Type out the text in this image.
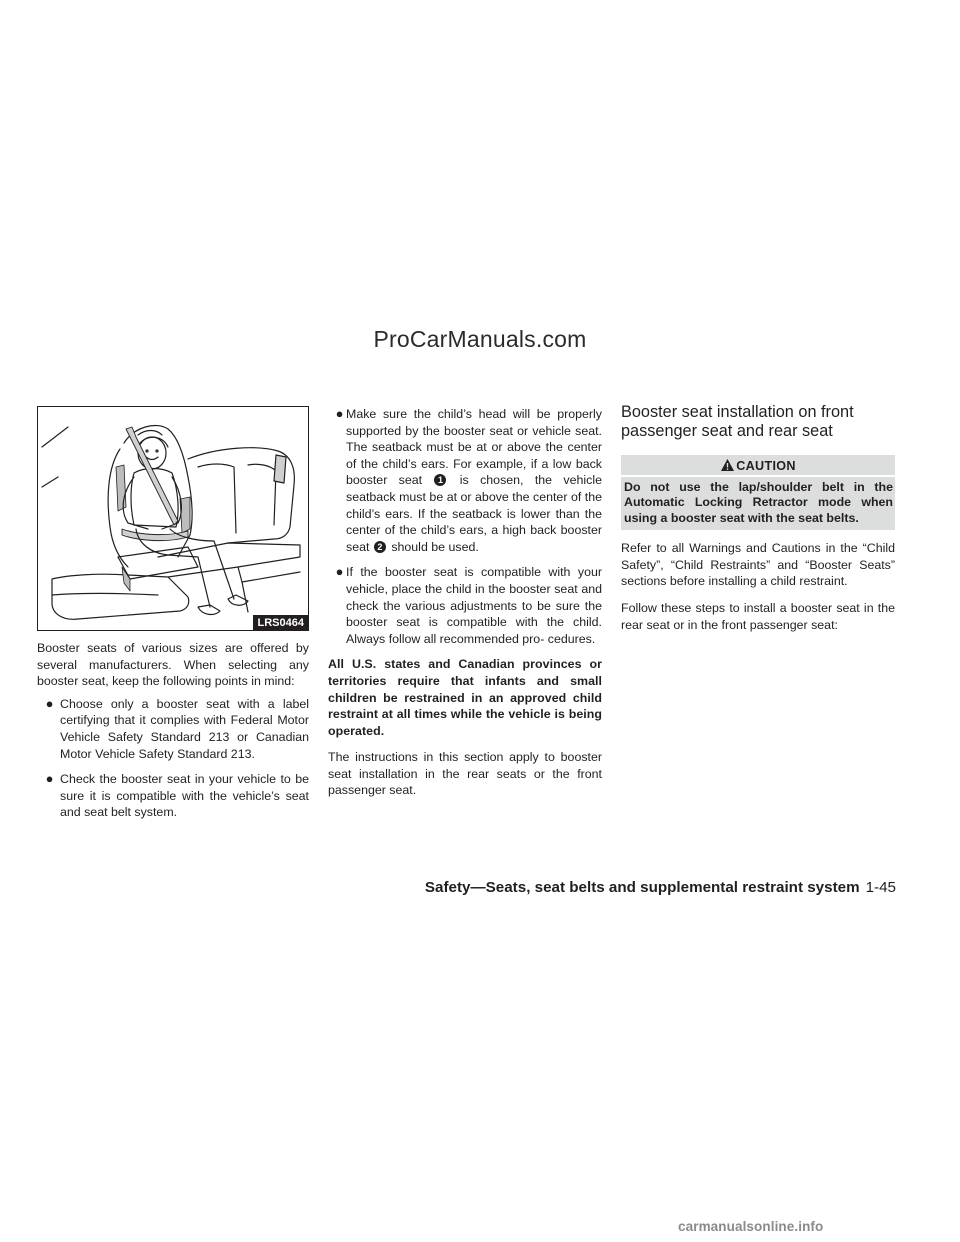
ProCarManuals.com
LRS0464

Booster seats of various sizes are offered by several manufacturers. When selecting any booster seat, keep the following points in mind:

● Choose only a booster seat with a label certifying that it complies with Federal Motor Vehicle Safety Standard 213 or Canadian Motor Vehicle Safety Standard 213.
● Check the booster seat in your vehicle to be sure it is compatible with the vehicle’s seat and seat belt system.
● Make sure the child’s head will be properly supported by the booster seat or vehicle seat. The seatback must be at or above the center of the child’s ears. For example, if a low back booster seat 1 is chosen, the vehicle seatback must be at or above the center of the child’s ears. If the seatback is lower than the center of the child’s ears, a high back booster seat 2 should be used.
● If the booster seat is compatible with your vehicle, place the child in the booster seat and check the various adjustments to be sure the booster seat is compatible with the child. Always follow all recommended pro- cedures.

All U.S. states and Canadian provinces or territories require that infants and small children be restrained in an approved child restraint at all times while the vehicle is being operated.

The instructions in this section apply to booster seat installation in the rear seats or the front passenger seat.

Booster seat installation on front passenger seat and rear seat
CAUTION
Do not use the lap/shoulder belt in the Automatic Locking Retractor mode when using a booster seat with the seat belts.

Refer to all Warnings and Cautions in the “Child Safety”, “Child Restraints” and “Booster Seats” sections before installing a child restraint.

Follow these steps to install a booster seat in the rear seat or in the front passenger seat:

Safety—Seats, seat belts and supplemental restraint system 1-45
carmanualsonline.info
